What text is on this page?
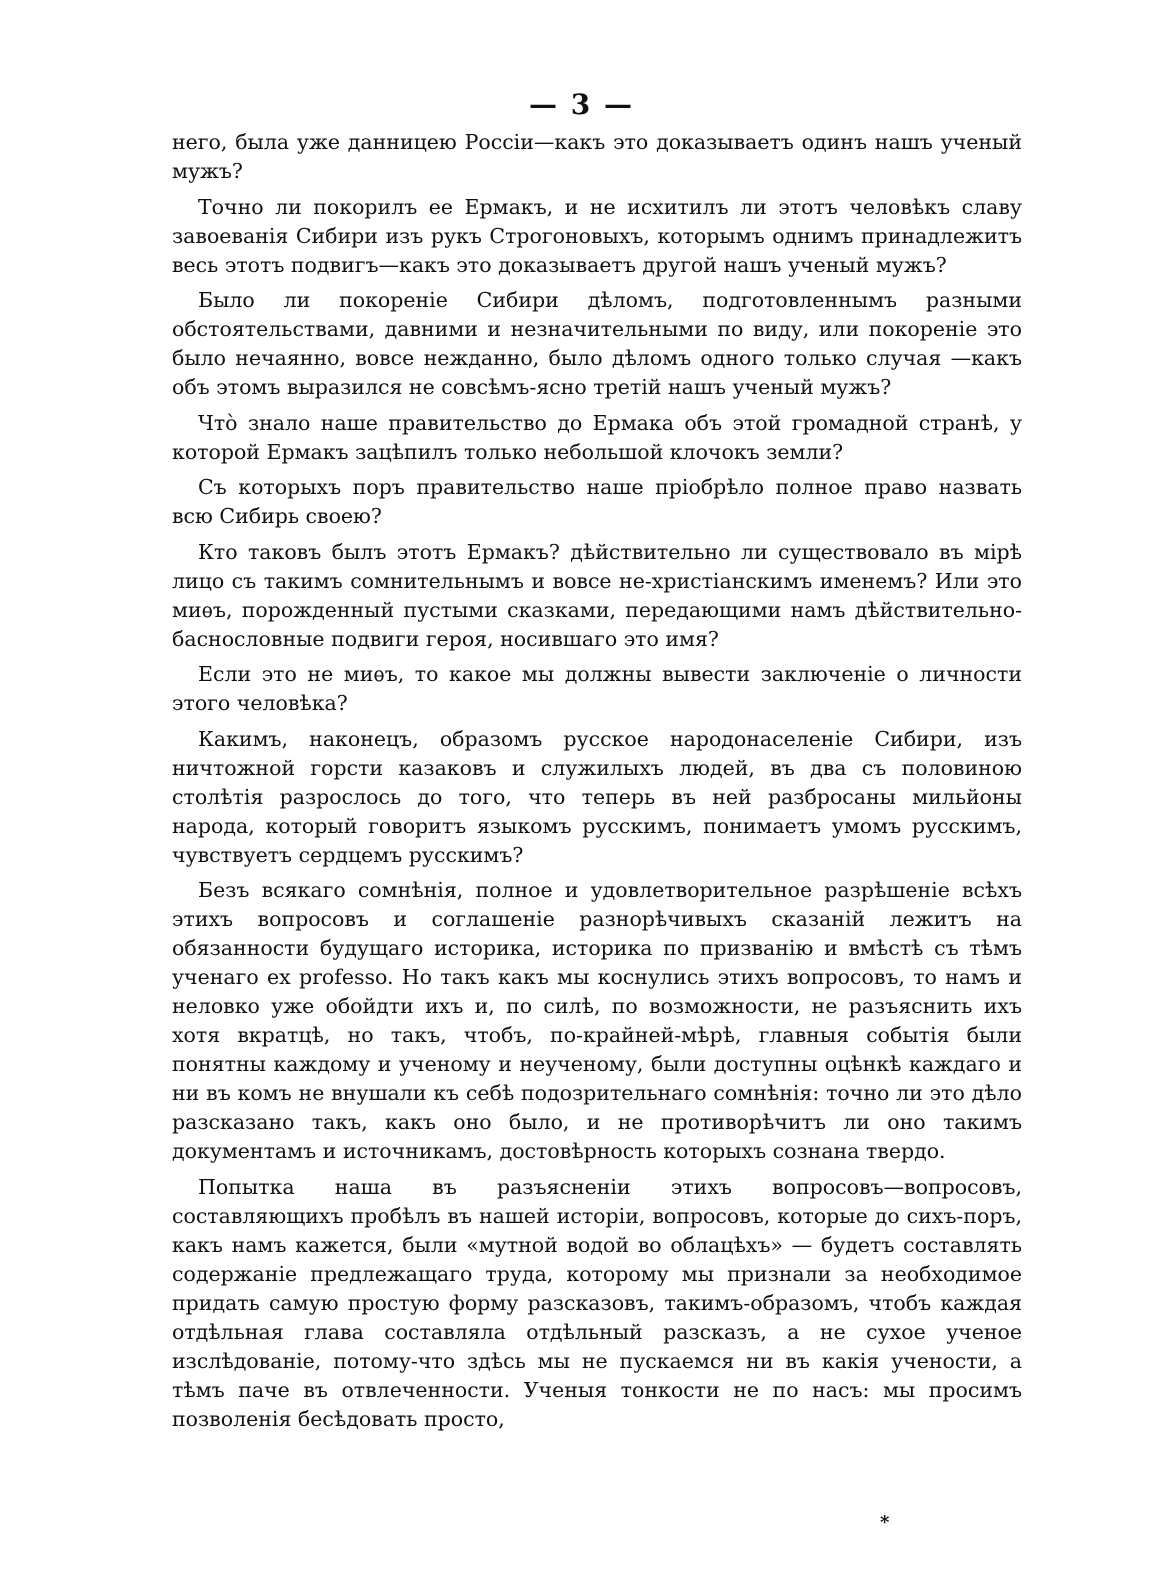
— 3 —

него, была уже данницею Россіи—какъ это доказываетъ одинъ нашъ ученый мужъ?

Точно ли покорилъ ее Ермакъ, и не исхитилъ ли этотъ человѣкъ славу завоеванія Сибири изъ рукъ Строгоновыхъ, которымъ однимъ принадлежитъ весь этотъ подвигъ—какъ это доказываетъ другой нашъ ученый мужъ?

Было ли покореніе Сибири дѣломъ, подготовленнымъ разными обстоятельствами, давними и незначительными по виду, или покореніе это было нечаянно, вовсе нежданно, было дѣломъ одного только случая —какъ объ этомъ выразился не совсѣмъ-ясно третій нашъ ученый мужъ?

Чтò знало наше правительство до Ермака объ этой громадной странѣ, у которой Ермакъ зацѣпилъ только небольшой клочокъ земли?

Съ которыхъ поръ правительство наше пріобрѣло полное право назвать всю Сибирь своею?

Кто таковъ былъ этотъ Ермакъ? дѣйствительно ли существовало въ мірѣ лицо съ такимъ сомнительнымъ и вовсе не-христіанскимъ именемъ? Или это миѳъ, порожденный пустыми сказками, передающими намъ дѣйствительно-баснословные подвиги героя, носившаго это имя?

Если это не миѳъ, то какое мы должны вывести заключеніе о личности этого человѣка?

Какимъ, наконецъ, образомъ русское народонаселеніе Сибири, изъ ничтожной горсти казаковъ и служилыхъ людей, въ два съ половиною столѣтія разрослось до того, что теперь въ ней разбросаны мильйоны народа, который говоритъ языкомъ русскимъ, понимаетъ умомъ русскимъ, чувствуетъ сердцемъ русскимъ?

Безъ всякаго сомнѣнія, полное и удовлетворительное разрѣшеніе всѣхъ этихъ вопросовъ и соглашеніе разнорѣчивыхъ сказаній лежитъ на обязанности будущаго историка, историка по призванію и вмѣстѣ съ тѣмъ ученаго ex professo. Но такъ какъ мы коснулись этихъ вопросовъ, то намъ и неловко уже обойдти ихъ и, по силѣ, по возможности, не разъяснить ихъ хотя вкратцѣ, но такъ, чтобъ, по-крайней-мѣрѣ, главныя событія были понятны каждому и ученому и неученому, были доступны оцѣнкѣ каждаго и ни въ комъ не внушали къ себѣ подозрительнаго сомнѣнія: точно ли это дѣло разсказано такъ, какъ оно было, и не противорѣчитъ ли оно такимъ документамъ и источникамъ, достовѣрность которыхъ сознана твердо.

Попытка наша въ разъясненіи этихъ вопросовъ—вопросовъ, составляющихъ пробѣлъ въ нашей исторіи, вопросовъ, которые до сихъ-поръ, какъ намъ кажется, были «мутной водой во облацѣхъ» — будетъ составлять содержаніе предлежащаго труда, которому мы признали за необходимое придать самую простую форму разсказовъ, такимъ-образомъ, чтобъ каждая отдѣльная глава составляла отдѣльный разсказъ, а не сухое ученое изслѣдованіе, потому-что здѣсь мы не пускаемся ни въ какія учености, а тѣмъ паче въ отвлеченности. Ученыя тонкости не по насъ: мы просимъ позволенія бесѣдовать просто,

*
